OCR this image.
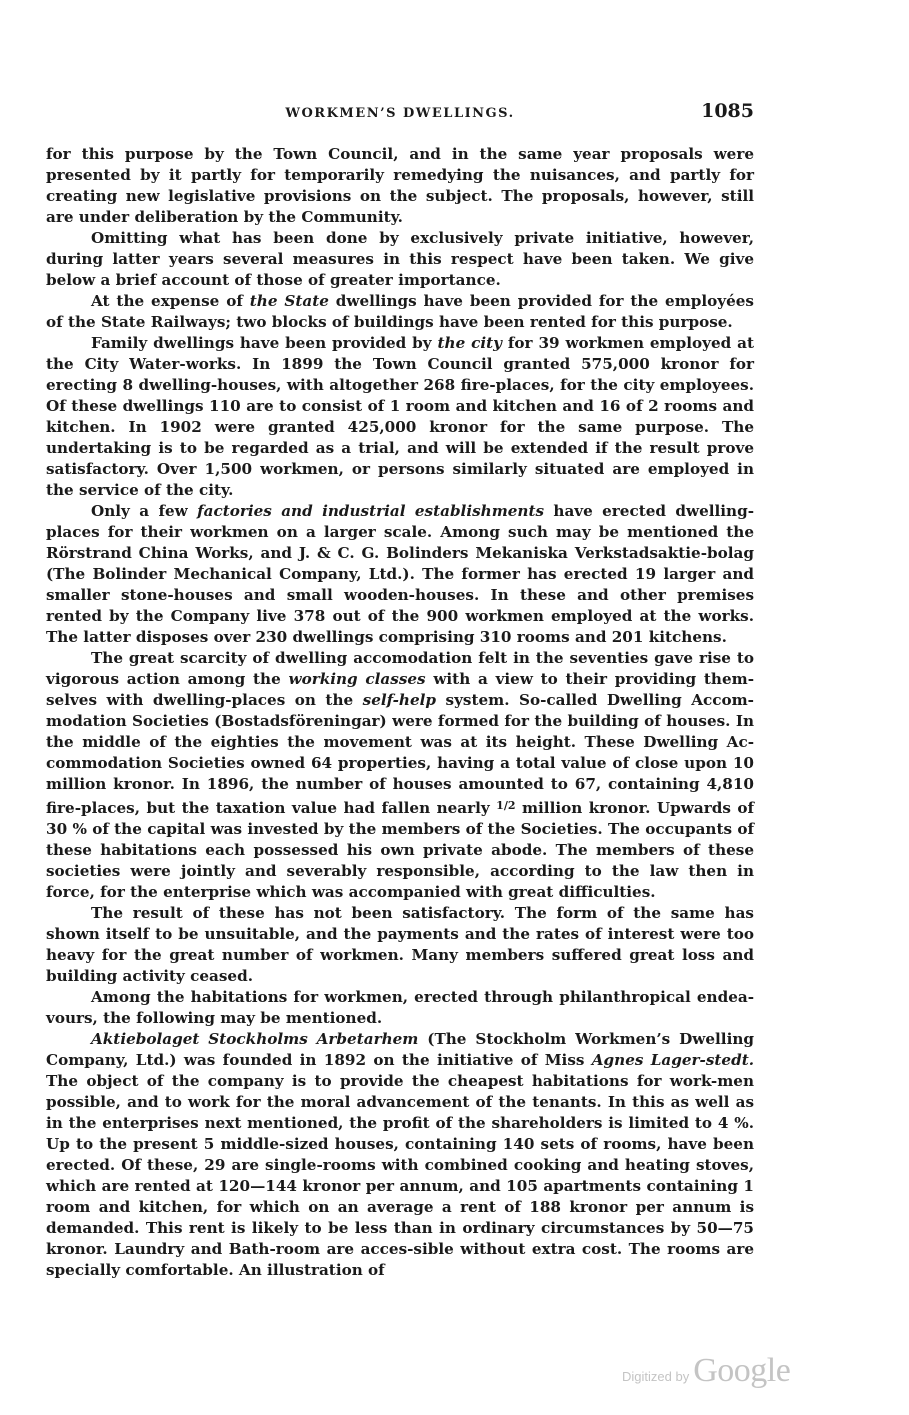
WORKMEN’S DWELLINGS.	1085

for this purpose by the Town Council, and in the same year proposals were presented by it partly for temporarily remedying the nuisances, and partly for creating new legislative provisions on the subject. The proposals, however, still are under deliberation by the Community.

Omitting what has been done by exclusively private initiative, however, during latter years several measures in this respect have been taken. We give below a brief account of those of greater importance.

At the expense of the State dwellings have been provided for the employées of the State Railways; two blocks of buildings have been rented for this purpose.

Family dwellings have been provided by the city for 39 workmen employed at the City Water-works. In 1899 the Town Council granted 575,000 kronor for erecting 8 dwelling-houses, with altogether 268 fire-places, for the city employees. Of these dwellings 110 are to consist of 1 room and kitchen and 16 of 2 rooms and kitchen. In 1902 were granted 425,000 kronor for the same purpose. The undertaking is to be regarded as a trial, and will be extended if the result prove satisfactory. Over 1,500 workmen, or persons similarly situated are employed in the service of the city.

Only a few factories and industrial establishments have erected dwelling-places for their workmen on a larger scale. Among such may be mentioned the Rörstrand China Works, and J. & C. G. Bolinders Mekaniska Verkstadsaktie-bolag (The Bolinder Mechanical Company, Ltd.). The former has erected 19 larger and smaller stone-houses and small wooden-houses. In these and other premises rented by the Company live 378 out of the 900 workmen employed at the works. The latter disposes over 230 dwellings comprising 310 rooms and 201 kitchens.

The great scarcity of dwelling accomodation felt in the seventies gave rise to vigorous action among the working classes with a view to their providing them-selves with dwelling-places on the self-help system. So-called Dwelling Accom-modation Societies (Bostadsföreningar) were formed for the building of houses. In the middle of the eighties the movement was at its height. These Dwelling Ac-commodation Societies owned 64 properties, having a total value of close upon 10 million kronor. In 1896, the number of houses amounted to 67, containing 4,810 fire-places, but the taxation value had fallen nearly $^{1/2}$ million kronor. Upwards of 30 % of the capital was invested by the members of the Societies. The occupants of these habitations each possessed his own private abode. The members of these societies were jointly and severably responsible, according to the law then in force, for the enterprise which was accompanied with great difficulties.

The result of these has not been satisfactory. The form of the same has shown itself to be unsuitable, and the payments and the rates of interest were too heavy for the great number of workmen. Many members suffered great loss and building activity ceased.

Among the habitations for workmen, erected through philanthropical endea-vours, the following may be mentioned.

Aktiebolaget Stockholms Arbetarhem (The Stockholm Workmen’s Dwelling Company, Ltd.) was founded in 1892 on the initiative of Miss Agnes Lager-stedt. The object of the company is to provide the cheapest habitations for work-men possible, and to work for the moral advancement of the tenants. In this as well as in the enterprises next mentioned, the profit of the shareholders is limited to 4 %. Up to the present 5 middle-sized houses, containing 140 sets of rooms, have been erected. Of these, 29 are single-rooms with combined cooking and heating stoves, which are rented at 120—144 kronor per annum, and 105 apartments containing 1 room and kitchen, for which on an average a rent of 188 kronor per annum is demanded. This rent is likely to be less than in ordinary circumstances by 50—75 kronor. Laundry and Bath-room are acces-sible without extra cost. The rooms are specially comfortable. An illustration of

Digitized by Google
